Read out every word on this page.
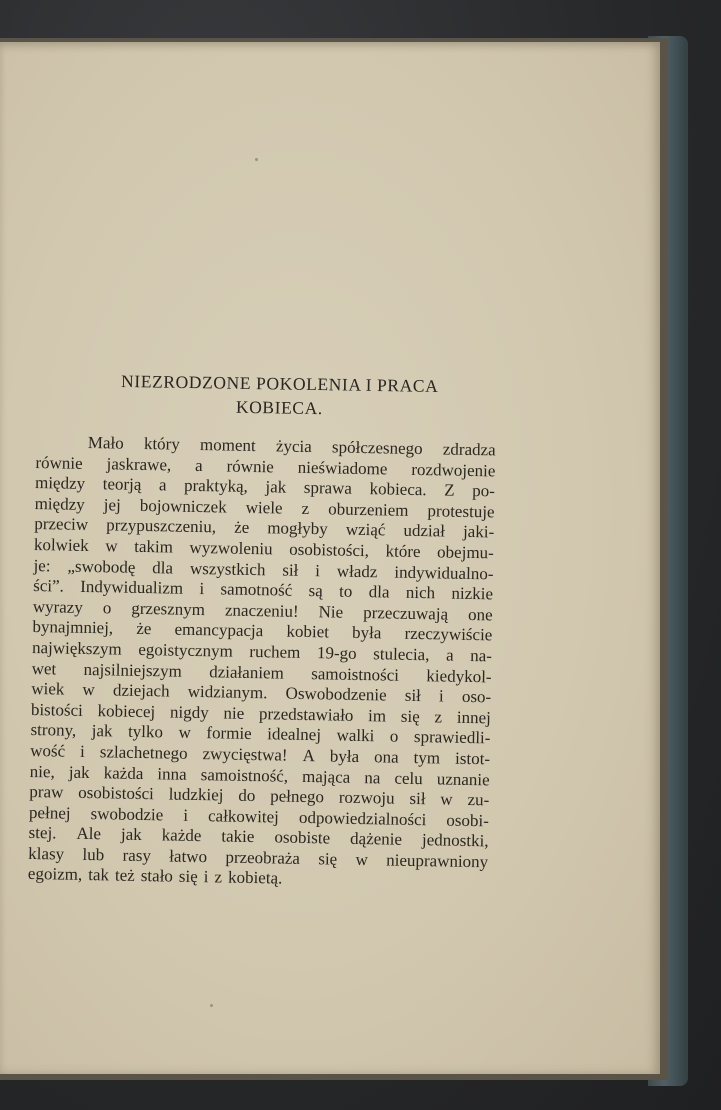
NIEZRODZONE POKOLENIA I PRACA
KOBIECA.
Mało który moment życia spółczesnego zdradza
równie jaskrawe, a równie nieświadome rozdwojenie
między teorją a praktyką, jak sprawa kobieca. Z po-
między jej bojowniczek wiele z oburzeniem protestuje
przeciw przypuszczeniu, że mogłyby wziąć udział jaki-
kolwiek w takim wyzwoleniu osobistości, które obejmu-
je: „swobodę dla wszystkich sił i władz indywidualno-
ści”. Indywidualizm i samotność są to dla nich nizkie
wyrazy o grzesznym znaczeniu! Nie przeczuwają one
bynajmniej, że emancypacja kobiet była rzeczywiście
największym egoistycznym ruchem 19-go stulecia, a na-
wet najsilniejszym działaniem samoistności kiedykol-
wiek w dziejach widzianym. Oswobodzenie sił i oso-
bistości kobiecej nigdy nie przedstawiało im się z innej
strony, jak tylko w formie idealnej walki o sprawiedli-
wość i szlachetnego zwycięstwa! A była ona tym istot-
nie, jak każda inna samoistność, mająca na celu uznanie
praw osobistości ludzkiej do pełnego rozwoju sił w zu-
pełnej swobodzie i całkowitej odpowiedzialności osobi-
stej. Ale jak każde takie osobiste dążenie jednostki,
klasy lub rasy łatwo przeobraża się w nieuprawniony
egoizm, tak też stało się i z kobietą.
